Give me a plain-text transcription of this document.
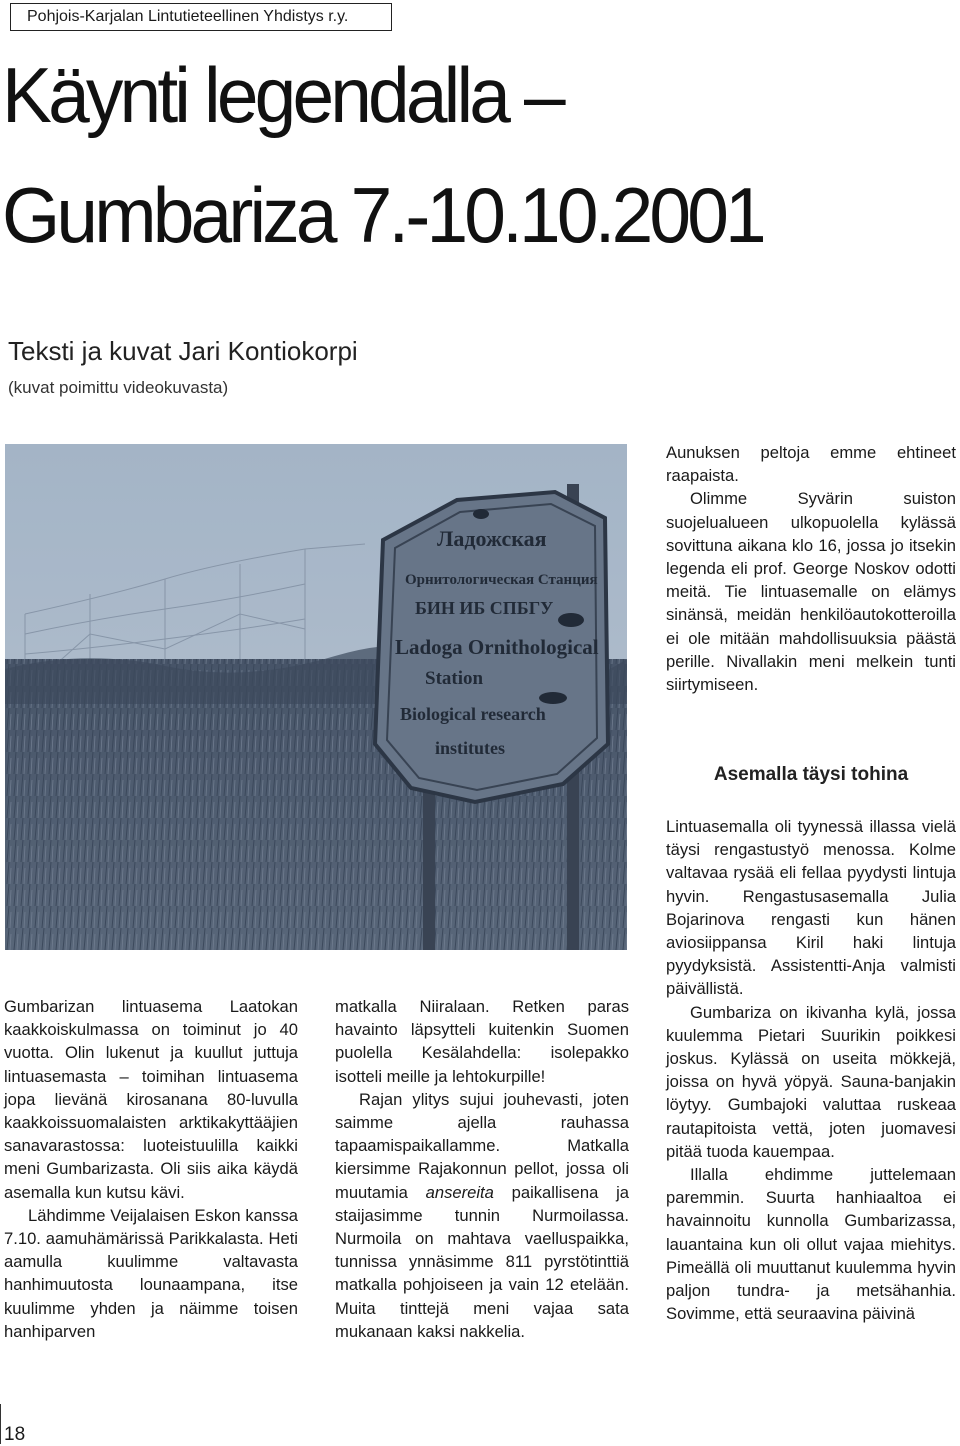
Pohjois-Karjalan Lintutieteellinen Yhdistys r.y.
Käynti legendalla –
Gumbariza 7.-10.10.2001
Teksti ja kuvat Jari Kontiokorpi
(kuvat poimittu videokuvasta)
Ладожская
Орнитологическая Станция
БИН ИБ СПБГУ
Ladoga Ornithological
Station
Biological research
institutes

Gumbarizan lintuasema Laatokan kaakkoiskulmassa on toiminut jo 40 vuotta. Olin lukenut ja kuullut juttuja lintuasemasta – toimihan lintuasema jopa lievänä kirosanana 80-luvulla kaakkoissuomalaisten arktikakyttääjien sanavarastossa: luoteistuulilla kaikki meni Gumbarizasta. Oli siis aika käydä asemalla kun kutsu kävi.

Lähdimme Veijalaisen Eskon kanssa 7.10. aamuhämärissä Parikkalasta. Heti aamulla kuulimme valtavasta hanhimuutosta lounaampana, itse kuulimme yhden ja näimme toisen hanhiparven

matkalla Niiralaan. Retken paras havainto läpsytteli kuitenkin Suomen puolella Kesälahdella: isolepakko isotteli meille ja lehtokurpille!

Rajan ylitys sujui jouhevasti, joten saimme ajella rauhassa tapaamispaikallamme. Matkalla kiersimme Rajakonnun pellot, jossa oli muutamia ansereita paikallisena ja staijasimme tunnin Nurmoilassa. Nurmoila on mahtava vaelluspaikka, tunnissa ynnäsimme 811 pyrstötinttiä matkalla pohjoiseen ja vain 12 etelään. Muita tinttejä meni vajaa sata mukanaan kaksi nakkelia.

Aunuksen peltoja emme ehtineet raapaista.

Olimme Syvärin suiston suojelualueen ulkopuolella kylässä sovittuna aikana klo 16, jossa jo itsekin legenda eli prof. George Noskov odotti meitä. Tie lintuasemalle on elämys sinänsä, meidän henkilöautokotteroilla ei ole mitään mahdollisuuksia päästä perille. Nivallakin meni melkein tunti siirtymiseen.

Asemalla täysi tohina

Lintuasemalla oli tyynessä illassa vielä täysi rengastustyö menossa. Kolme valtavaa rysää eli fellaa pyydysti lintuja hyvin. Rengastusasemalla Julia Bojarinova rengasti kun hänen aviosiippansa Kiril haki lintuja pyydyksistä. Assistentti-Anja valmisti päivällistä.

Gumbariza on ikivanha kylä, jossa kuulemma Pietari Suurikin poikkesi joskus. Kylässä on useita mökkejä, joissa on hyvä yöpyä. Sauna-banjakin löytyy. Gumbajoki valuttaa ruskeaa rautapitoista vettä, joten juomavesi pitää tuoda kauempaa.

Illalla ehdimme juttelemaan paremmin. Suurta hanhiaaltoa ei havainnoitu kunnolla Gumbarizassa, lauantaina kun oli ollut vajaa miehitys. Pimeällä oli muuttanut kuulemma hyvin paljon tundra- ja metsähanhia. Sovimme, että seuraavina päivinä

18
